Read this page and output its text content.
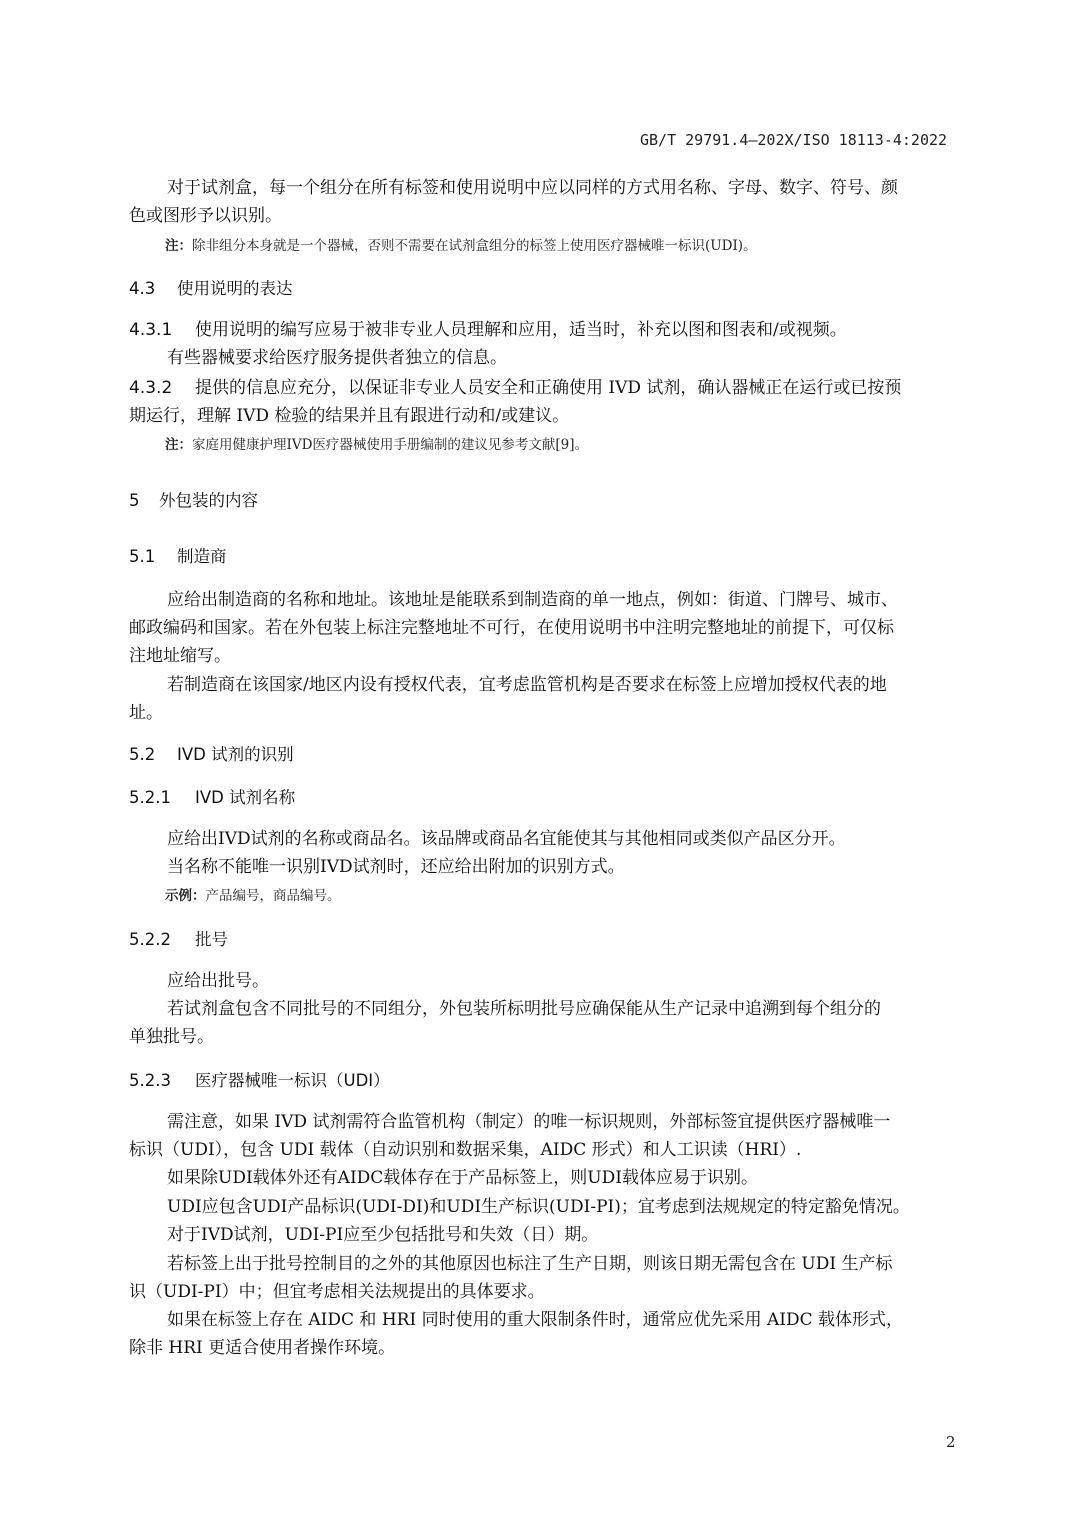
GB/T 29791.4—202X/ISO 18113-4:2022
对于试剂盒，每一个组分在所有标签和使用说明中应以同样的方式用名称、字母、数字、符号、颜
色或图形予以识别。
注：除非组分本身就是一个器械，否则不需要在试剂盒组分的标签上使用医疗器械唯一标识(UDI)。
4.3 使用说明的表达
4.3.1 使用说明的编写应易于被非专业人员理解和应用，适当时，补充以图和图表和/或视频。
有些器械要求给医疗服务提供者独立的信息。
4.3.2 提供的信息应充分，以保证非专业人员安全和正确使用 IVD 试剂，确认器械正在运行或已按预
期运行，理解 IVD 检验的结果并且有跟进行动和/或建议。
注：家庭用健康护理IVD医疗器械使用手册编制的建议见参考文献[9]。
5 外包装的内容
5.1 制造商
应给出制造商的名称和地址。该地址是能联系到制造商的单一地点，例如：街道、门牌号、城市、
邮政编码和国家。若在外包装上标注完整地址不可行，在使用说明书中注明完整地址的前提下，可仅标
注地址缩写。
若制造商在该国家/地区内设有授权代表，宜考虑监管机构是否要求在标签上应增加授权代表的地
址。
5.2 IVD 试剂的识别
5.2.1 IVD 试剂名称
应给出IVD试剂的名称或商品名。该品牌或商品名宜能使其与其他相同或类似产品区分开。
当名称不能唯一识别IVD试剂时，还应给出附加的识别方式。
示例：产品编号，商品编号。
5.2.2 批号
应给出批号。
若试剂盒包含不同批号的不同组分，外包装所标明批号应确保能从生产记录中追溯到每个组分的
单独批号。
5.2.3 医疗器械唯一标识（UDI）
需注意，如果 IVD 试剂需符合监管机构（制定）的唯一标识规则，外部标签宜提供医疗器械唯一
标识（UDI），包含 UDI 载体（自动识别和数据采集，AIDC 形式）和人工识读（HRI）.
如果除UDI载体外还有AIDC载体存在于产品标签上，则UDI载体应易于识别。
UDI应包含UDI产品标识(UDI-DI)和UDI生产标识(UDI-PI)；宜考虑到法规规定的特定豁免情况。
对于IVD试剂，UDI-PI应至少包括批号和失效（日）期。
若标签上出于批号控制目的之外的其他原因也标注了生产日期，则该日期无需包含在 UDI 生产标
识（UDI-PI）中；但宜考虑相关法规提出的具体要求。
如果在标签上存在 AIDC 和 HRI 同时使用的重大限制条件时，通常应优先采用 AIDC 载体形式，
除非 HRI 更适合使用者操作环境。
2
